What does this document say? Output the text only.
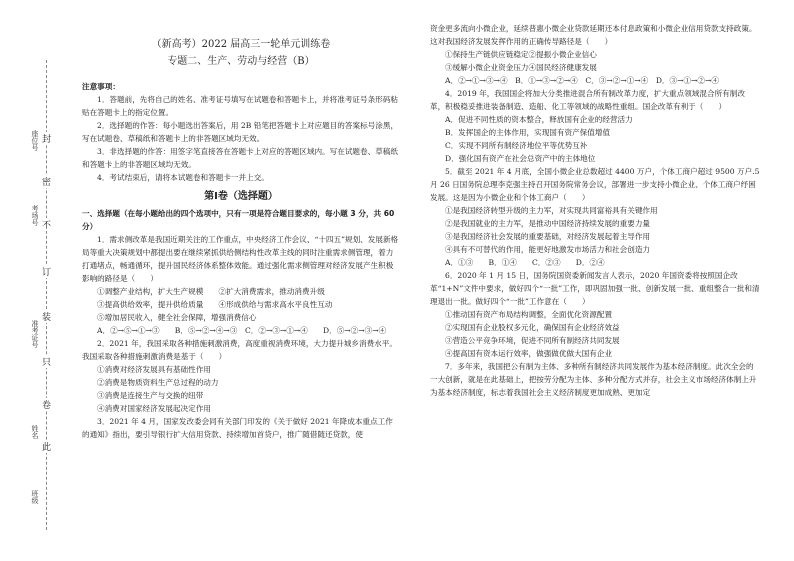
座位号
考场号
准考证号
姓名
班级
封
密
不
订
装
只
卷
此
（新高考）2022 届高三一轮单元训练卷
专题二、生产、劳动与经营（B）

注意事项：

1．答题前，先将自己的姓名、准考证号填写在试题卷和答题卡上，并将准考证号条形码粘贴在答题卡上的指定位置。

2．选择题的作答：每小题选出答案后，用 2B 铅笔把答题卡上对应题目的答案标号涂黑，写在试题卷、草稿纸和答题卡上的非答题区域均无效。

3．非选择题的作答：用签字笔直接答在答题卡上对应的答题区域内。写在试题卷、草稿纸和答题卡上的非答题区域均无效。

4．考试结束后，请将本试题卷和答题卡一并上交。

第Ⅰ卷（选择题）

一、选择题（在每小题给出的四个选项中，只有一项是符合题目要求的，每小题 3 分，共 60 分）

1．需求侧改革是我国近期关注的工作重点，中央经济工作会议、“十四五”规划、发展新格局等重大决策规划中都提出要在继续紧抓供给侧结构性改革主线的同时注重需求侧管理，着力打通堵点，畅通循环，提升国民经济体系整体效能。通过强化需求侧管理对经济发展产生积极影响的路径是（　　）

①调整产业结构，扩大生产规模　　②扩大消费需求，推动消费升级

③提高供给效率，提升供给质量　　④形成供给与需求高水平良性互动

⑤增加居民收入，健全社会保障，增强消费信心

A．②→⑤→①→③　　B．⑤→②→④→③　C．②→③→①→④　　D．⑤→②→③→④

2．2021 年，我国采取各种措施刺激消费，高度重视消费环境，大力提升城乡消费水平。我国采取各种措施刺激消费是基于（　　）

①消费对经济发展具有基础性作用

②消费是物质资料生产总过程的动力

③消费是连接生产与交换的纽带

④消费对国家经济发展起决定作用

3．2021 年 4 月，国家发改委会同有关部门印发的《关于做好 2021 年降成本重点工作的通知》指出，要引导银行扩大信用贷款、持续增加首贷户，推广随借随还贷款，使

资金更多流向小微企业，延续普惠小微企业贷款延期还本付息政策和小微企业信用贷款支持政策。这对我国经济发展发挥作用的正确传导路径是（　　）

①保持生产链供应链稳定②提振小微企业信心

③缓解小微企业资金压力④国民经济健康发展

A．②→①→③→④　B．①→③→②→④　C．③→②→①→④　D．③→①→②→④

4．2019 年，我国国企将加大分类推进混合所有制改革力度，扩大重点领域混合所有制改革，积极稳妥推进装备制造、造船、化工等领域的战略性重组。国企改革有利于（　　）

A．促进不同性质的资本整合，释放国有企业的经营活力

B．发挥国企的主体作用，实现国有资产保值增值

C．实现不同所有制经济地位平等优势互补

D．强化国有资产在社会总资产中的主体地位

5．截至 2021 年 4 月底，全国小微企业总数超过 4400 万户，个体工商户超过 9500 万户.5 月 26 日国务院总理李克强主持召开国务院常务会议，部署进一步支持小微企业、个体工商户纾困发展。这是因为小微企业和个体工商户（　　）

①是我国经济转型升级的主力军，对实现共同富裕具有关键作用

②是我国就业的主力军，是推动中国经济持续发展的重要力量

③是我国经济社会发展的重要基础，对经济发展起着主导作用

④具有不可替代的作用，能更好地激发市场活力和社会创造力

A．①③　　B．①④　　C．②③　　D．②④

6．2020 年 1 月 15 日，国务院国资委新闻发言人表示，2020 年国资委将按照国企改革“1+N”文件中要求，做好四个“一批”工作，即巩固加强一批、创新发展一批、重组整合一批和清理退出一批。做好四个“一批”工作意在（　　）

①推动国有资产布局结构调整，全面优化资源配置

②实现国有企业股权多元化，确保国有企业经济效益

③营造公平竞争环境，促进不同所有制经济共同发展

④提高国有资本运行效率，做强做优做大国有企业

7．多年来，我国把公有制为主体、多种所有制经济共同发展作为基本经济制度。此次全会的一大创新，就是在此基础上，把按劳分配为主体、多种分配方式并存，社会主义市场经济体制上升为基本经济制度，标志着我国社会主义经济制度更加成熟、更加定
